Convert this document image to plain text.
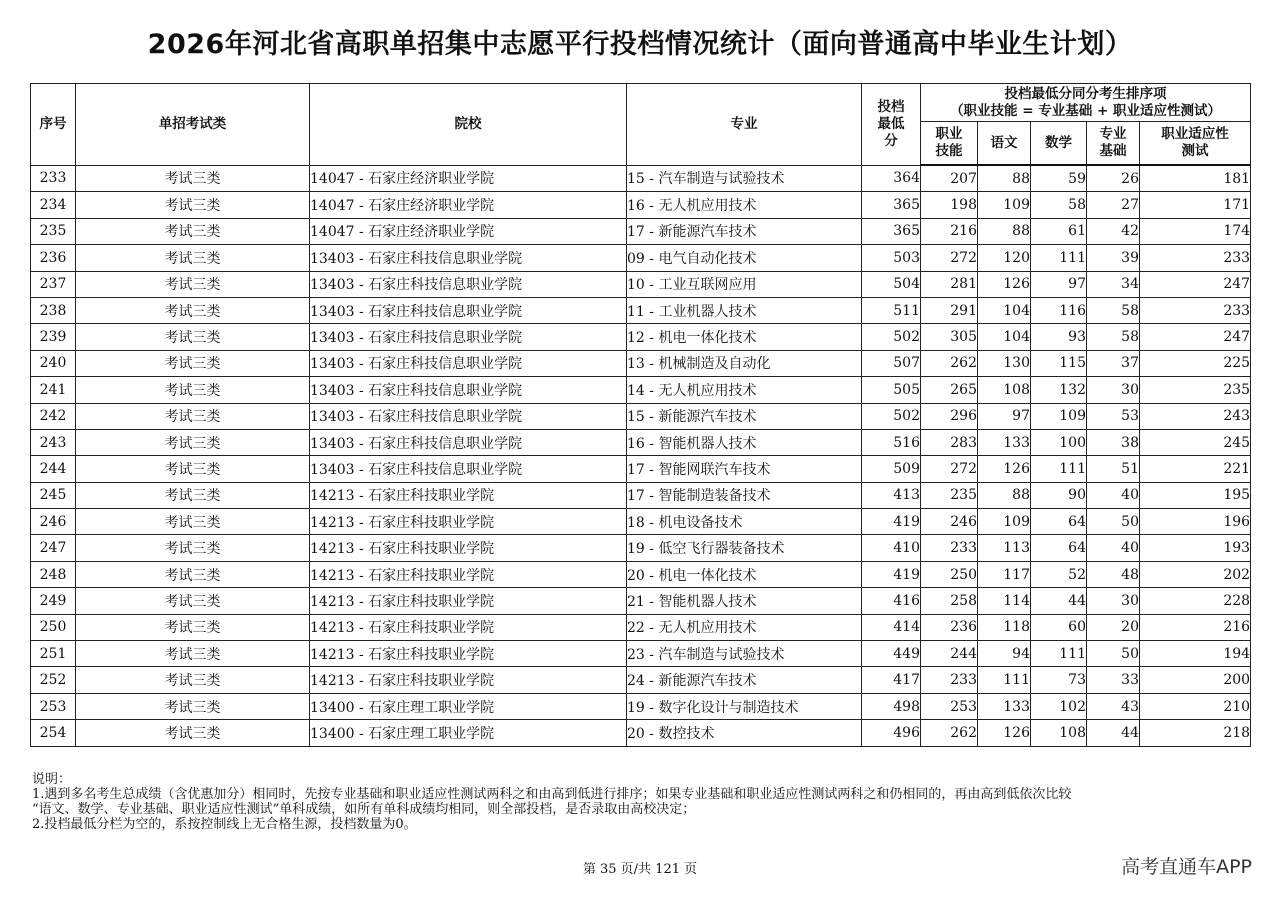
2026年河北省高职单招集中志愿平行投档情况统计（面向普通高中毕业生计划）
序号	单招考试类	院校	专业	投档最低分	投档最低分同分考生排序项
（职业技能 = 专业基础 + 职业适应性测试）				

					职业技能	语文	数学	专业基础	职业适应性测试

233	考试三类	14047 - 石家庄经济职业学院	15 - 汽车制造与试验技术	364	207	88	59	26	181
234	考试三类	14047 - 石家庄经济职业学院	16 - 无人机应用技术	365	198	109	58	27	171
235	考试三类	14047 - 石家庄经济职业学院	17 - 新能源汽车技术	365	216	88	61	42	174
236	考试三类	13403 - 石家庄科技信息职业学院	09 - 电气自动化技术	503	272	120	111	39	233
237	考试三类	13403 - 石家庄科技信息职业学院	10 - 工业互联网应用	504	281	126	97	34	247
238	考试三类	13403 - 石家庄科技信息职业学院	11 - 工业机器人技术	511	291	104	116	58	233
239	考试三类	13403 - 石家庄科技信息职业学院	12 - 机电一体化技术	502	305	104	93	58	247
240	考试三类	13403 - 石家庄科技信息职业学院	13 - 机械制造及自动化	507	262	130	115	37	225
241	考试三类	13403 - 石家庄科技信息职业学院	14 - 无人机应用技术	505	265	108	132	30	235
242	考试三类	13403 - 石家庄科技信息职业学院	15 - 新能源汽车技术	502	296	97	109	53	243
243	考试三类	13403 - 石家庄科技信息职业学院	16 - 智能机器人技术	516	283	133	100	38	245
244	考试三类	13403 - 石家庄科技信息职业学院	17 - 智能网联汽车技术	509	272	126	111	51	221
245	考试三类	14213 - 石家庄科技职业学院	17 - 智能制造装备技术	413	235	88	90	40	195
246	考试三类	14213 - 石家庄科技职业学院	18 - 机电设备技术	419	246	109	64	50	196
247	考试三类	14213 - 石家庄科技职业学院	19 - 低空飞行器装备技术	410	233	113	64	40	193
248	考试三类	14213 - 石家庄科技职业学院	20 - 机电一体化技术	419	250	117	52	48	202
249	考试三类	14213 - 石家庄科技职业学院	21 - 智能机器人技术	416	258	114	44	30	228
250	考试三类	14213 - 石家庄科技职业学院	22 - 无人机应用技术	414	236	118	60	20	216
251	考试三类	14213 - 石家庄科技职业学院	23 - 汽车制造与试验技术	449	244	94	111	50	194
252	考试三类	14213 - 石家庄科技职业学院	24 - 新能源汽车技术	417	233	111	73	33	200
253	考试三类	13400 - 石家庄理工职业学院	19 - 数字化设计与制造技术	498	253	133	102	43	210
254	考试三类	13400 - 石家庄理工职业学院	20 - 数控技术	496	262	126	108	44	218
说明：
1.遇到多名考生总成绩（含优惠加分）相同时，先按专业基础和职业适应性测试两科之和由高到低进行排序；如果专业基础和职业适应性测试两科之和仍相同的，再由高到低依次比较
“语文、数学、专业基础、职业适应性测试”单科成绩，如所有单科成绩均相同，则全部投档，是否录取由高校决定；
2.投档最低分栏为空的，系按控制线上无合格生源，投档数量为0。
第 35 页/共 121 页	高考直通车APP
